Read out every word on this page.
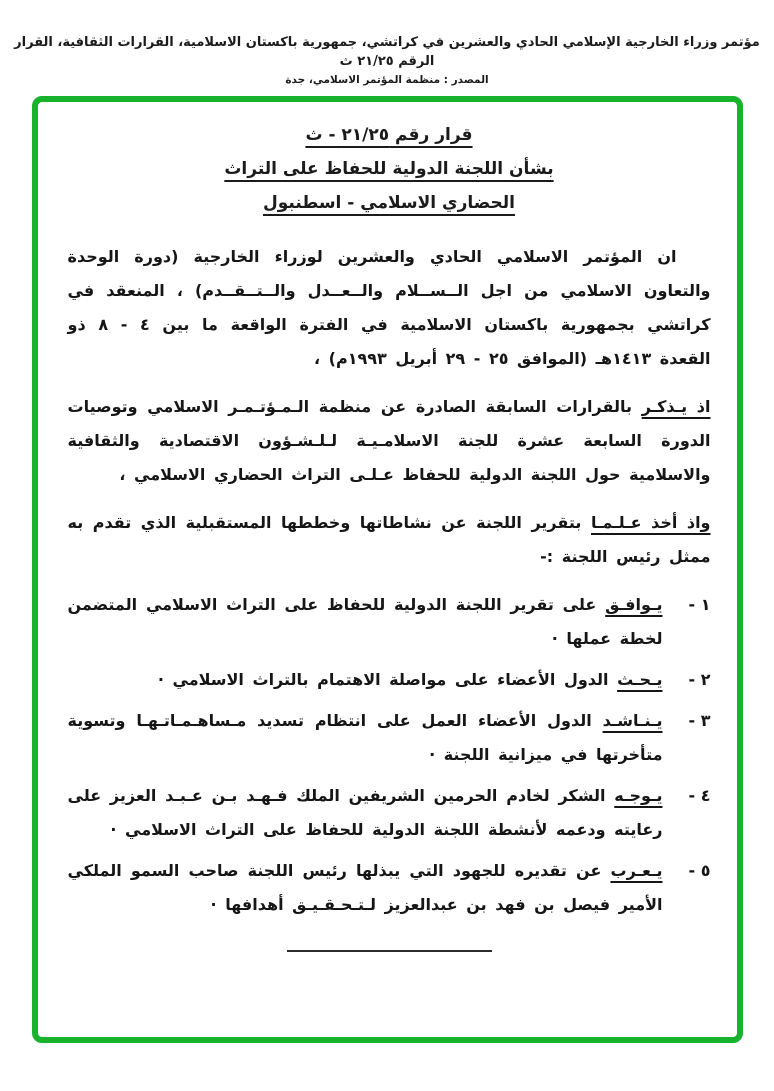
مؤتمر وزراء الخارجية الإسلامي الحادي والعشرين في كراتشي، جمهورية باكستان الاسلامية، القرارات الثقافية، القرار الرقم ٢١/٢٥ ث
المصدر : منظمة المؤتمر الاسلامي، جدة
قرار رقم ٢١/٢٥ - ث
بشأن اللجنة الدولية للحفاظ على التراث
الحضاري الاسلامي - اسطنبول

ان المؤتمر الاسلامي الحادي والعشرين لوزراء الخارجية (دورة الوحدة والتعاون الاسلامي من اجل الــســلام والــعــدل والــتــقــدم) ، المنعقد في كراتشي بجمهورية باكستان الاسلامية في الفترة الواقعة ما بين ٤ - ٨ ذو القعدة ١٤١٣هـ (الموافق ٢٥ - ٢٩ أبريل ١٩٩٣م) ،

اذ يـذكـر بالقرارات السابقة الصادرة عن منظمة الـمـؤتـمـر الاسلامي وتوصيات الدورة السابعة عشرة للجنة الاسلامـيـة لـلـشـؤون الاقتصادية والثقافية والاسلامية حول اللجنة الدولية للحفاظ عـلـى التراث الحضاري الاسلامي ،

واذ أخذ عـلـمـا بتقرير اللجنة عن نشاطاتها وخططها المستقبلية الذي تقدم به ممثل رئيس اللجنة :-

١ -
يـوافـق على تقرير اللجنة الدولية للحفاظ على التراث الاسلامي المتضمن لخطة عملها ·
٢ -
يـحـث الدول الأعضاء على مواصلة الاهتمام بالتراث الاسلامي ·
٣ -
يـنـاشـد الدول الأعضاء العمل على انتظام تسديد مـساهـمـاتـهـا وتسوية متأخرتها في ميزانية اللجنة ·
٤ -
يـوجـه الشكر لخادم الحرمين الشريفين الملك فـهـد بـن عـبـد العزيز على رعايته ودعمه لأنشطة اللجنة الدولية للحفاظ على التراث الاسلامي ·
٥ -
يـعـرب عن تقديره للجهود التي يبذلها رئيس اللجنة صاحب السمو الملكي الأمير فيصل بن فهد بن عبدالعزيز لـتـحـقـيـق أهدافها ·
